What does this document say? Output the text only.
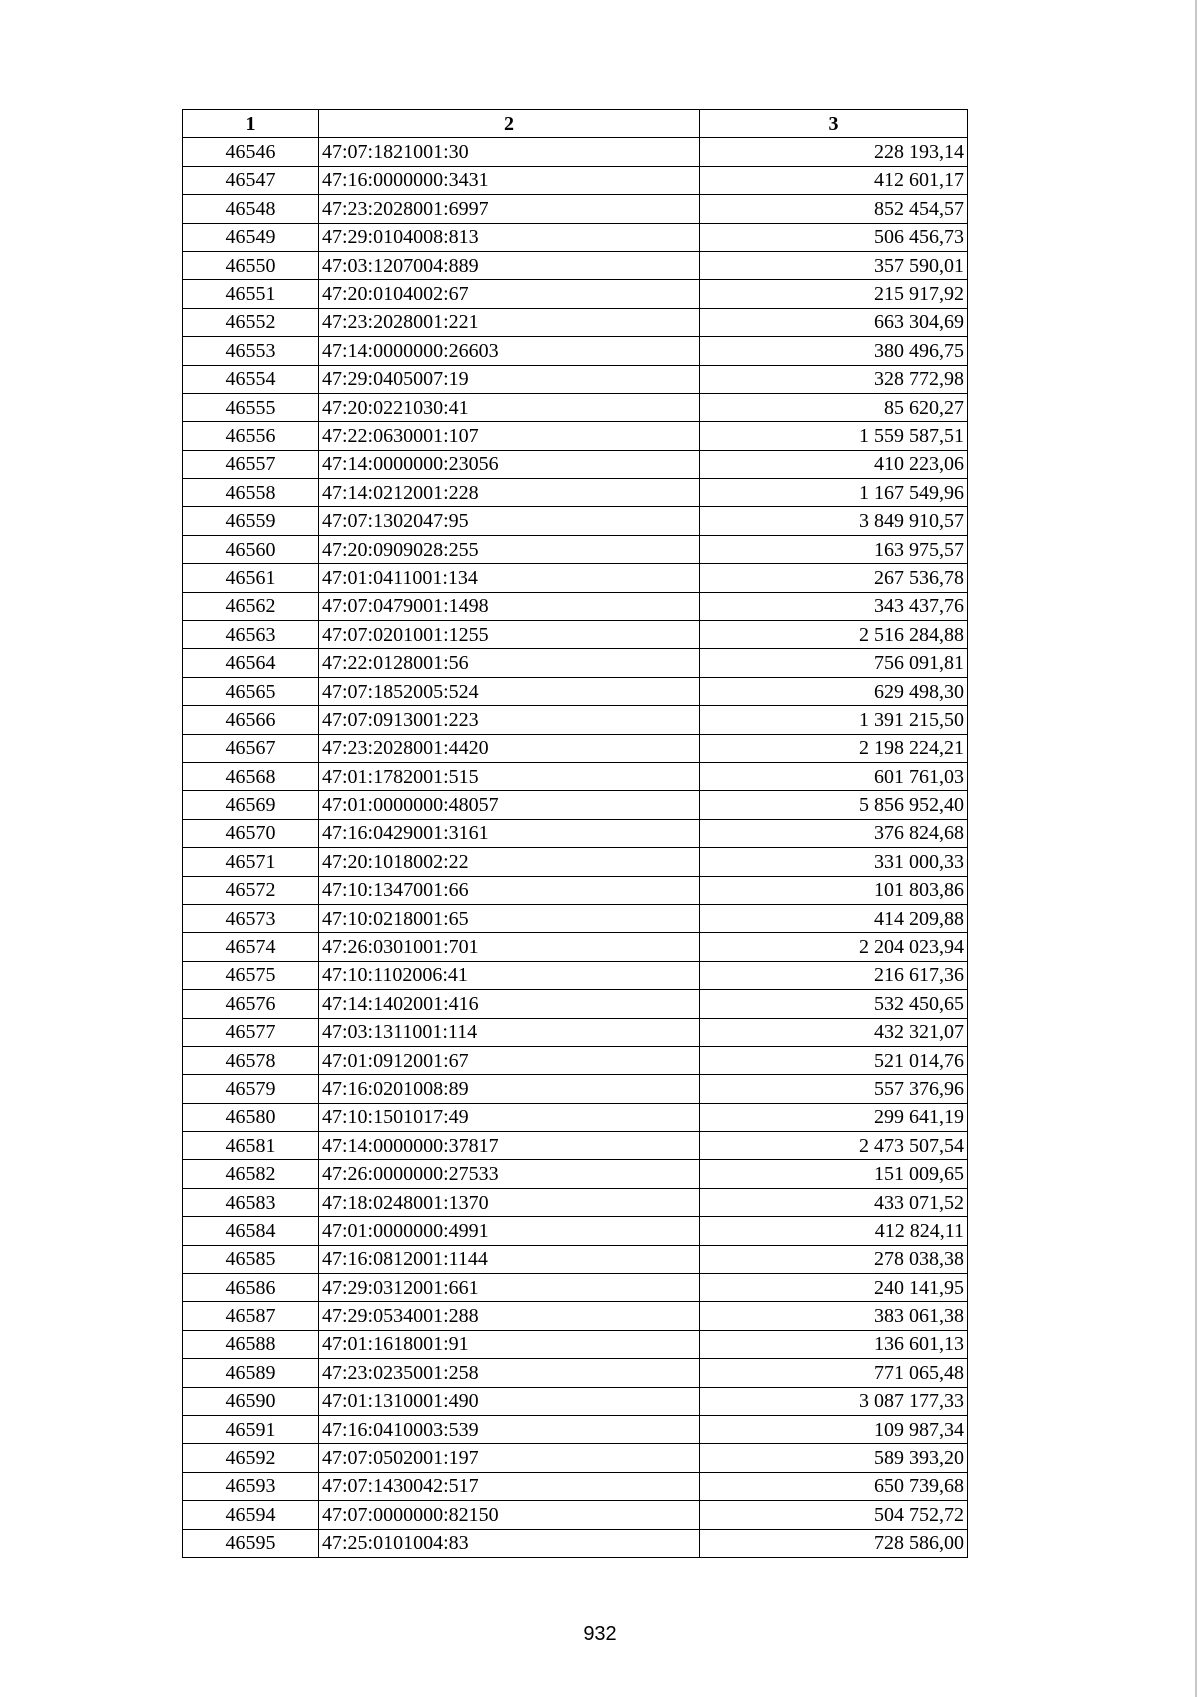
1	2	3
46546	47:07:1821001:30	228 193,14
46547	47:16:0000000:3431	412 601,17
46548	47:23:2028001:6997	852 454,57
46549	47:29:0104008:813	506 456,73
46550	47:03:1207004:889	357 590,01
46551	47:20:0104002:67	215 917,92
46552	47:23:2028001:221	663 304,69
46553	47:14:0000000:26603	380 496,75
46554	47:29:0405007:19	328 772,98
46555	47:20:0221030:41	85 620,27
46556	47:22:0630001:107	1 559 587,51
46557	47:14:0000000:23056	410 223,06
46558	47:14:0212001:228	1 167 549,96
46559	47:07:1302047:95	3 849 910,57
46560	47:20:0909028:255	163 975,57
46561	47:01:0411001:134	267 536,78
46562	47:07:0479001:1498	343 437,76
46563	47:07:0201001:1255	2 516 284,88
46564	47:22:0128001:56	756 091,81
46565	47:07:1852005:524	629 498,30
46566	47:07:0913001:223	1 391 215,50
46567	47:23:2028001:4420	2 198 224,21
46568	47:01:1782001:515	601 761,03
46569	47:01:0000000:48057	5 856 952,40
46570	47:16:0429001:3161	376 824,68
46571	47:20:1018002:22	331 000,33
46572	47:10:1347001:66	101 803,86
46573	47:10:0218001:65	414 209,88
46574	47:26:0301001:701	2 204 023,94
46575	47:10:1102006:41	216 617,36
46576	47:14:1402001:416	532 450,65
46577	47:03:1311001:114	432 321,07
46578	47:01:0912001:67	521 014,76
46579	47:16:0201008:89	557 376,96
46580	47:10:1501017:49	299 641,19
46581	47:14:0000000:37817	2 473 507,54
46582	47:26:0000000:27533	151 009,65
46583	47:18:0248001:1370	433 071,52
46584	47:01:0000000:4991	412 824,11
46585	47:16:0812001:1144	278 038,38
46586	47:29:0312001:661	240 141,95
46587	47:29:0534001:288	383 061,38
46588	47:01:1618001:91	136 601,13
46589	47:23:0235001:258	771 065,48
46590	47:01:1310001:490	3 087 177,33
46591	47:16:0410003:539	109 987,34
46592	47:07:0502001:197	589 393,20
46593	47:07:1430042:517	650 739,68
46594	47:07:0000000:82150	504 752,72
46595	47:25:0101004:83	728 586,00
932
